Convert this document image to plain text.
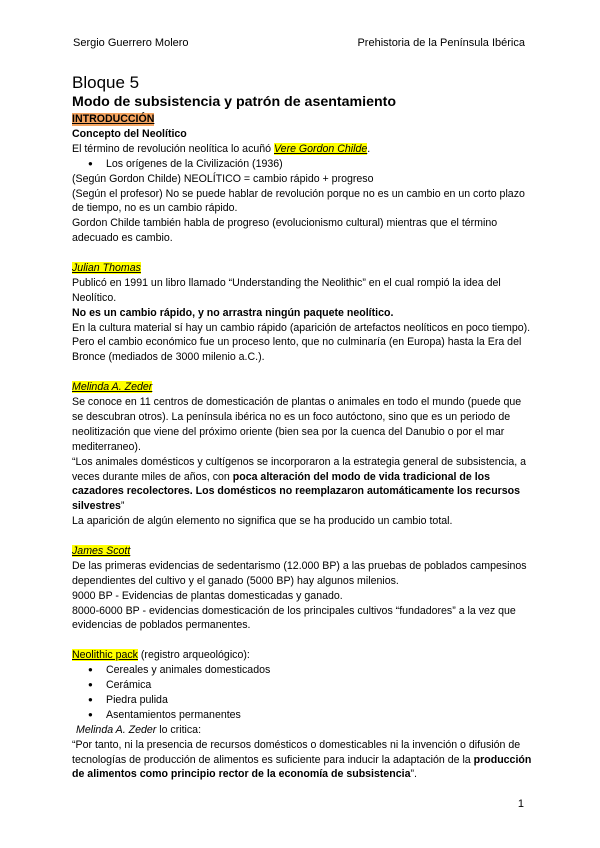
Sergio Guerrero Molero	Prehistoria de la Península Ibérica
Bloque 5
Modo de subsistencia y patrón de asentamiento
INTRODUCCIÓN

Concepto del Neolítico

El término de revolución neolítica lo acuñó Vere Gordon Childe.

● Los orígenes de la Civilización (1936)

(Según Gordon Childe) NEOLÍTICO = cambio rápido + progreso

(Según el profesor) No se puede hablar de revolución porque no es un cambio en un corto plazo de tiempo, no es un cambio rápido.

Gordon Childe también habla de progreso (evolucionismo cultural) mientras que el término adecuado es cambio.

Julian Thomas

Publicó en 1991 un libro llamado “Understanding the Neolithic” en el cual rompió la idea del Neolítico.

No es un cambio rápido, y no arrastra ningún paquete neolítico.

En la cultura material sí hay un cambio rápido (aparición de artefactos neolíticos en poco tiempo). Pero el cambio económico fue un proceso lento, que no culminaría (en Europa) hasta la Era del Bronce (mediados de 3000 milenio a.C.).

Melinda A. Zeder

Se conoce en 11 centros de domesticación de plantas o animales en todo el mundo (puede que se descubran otros). La península ibérica no es un foco autóctono, sino que es un periodo de neolitización que viene del próximo oriente (bien sea por la cuenca del Danubio o por el mar mediterraneo).

“Los animales domésticos y cultígenos se incorporaron a la estrategia general de subsistencia, a veces durante miles de años, con poca alteración del modo de vida tradicional de los cazadores recolectores. Los domésticos no reemplazaron automáticamente los recursos silvestres”

La aparición de algún elemento no significa que se ha producido un cambio total.

James Scott

De las primeras evidencias de sedentarismo (12.000 BP) a las pruebas de poblados campesinos dependientes del cultivo y el ganado (5000 BP) hay algunos milenios.

9000 BP - Evidencias de plantas domesticadas y ganado.

8000-6000 BP - evidencias domesticación de los principales cultivos “fundadores” a la vez que evidencias de poblados permanentes.

Neolithic pack (registro arqueológico):

● Cereales y animales domesticados
● Cerámica
● Piedra pulida
● Asentamientos permanentes

Melinda A. Zeder lo critica:

“Por tanto, ni la presencia de recursos domésticos o domesticables ni la invención o difusión de tecnologías de producción de alimentos es suficiente para inducir la adaptación de la producción de alimentos como principio rector de la economía de subsistencia”.

1
